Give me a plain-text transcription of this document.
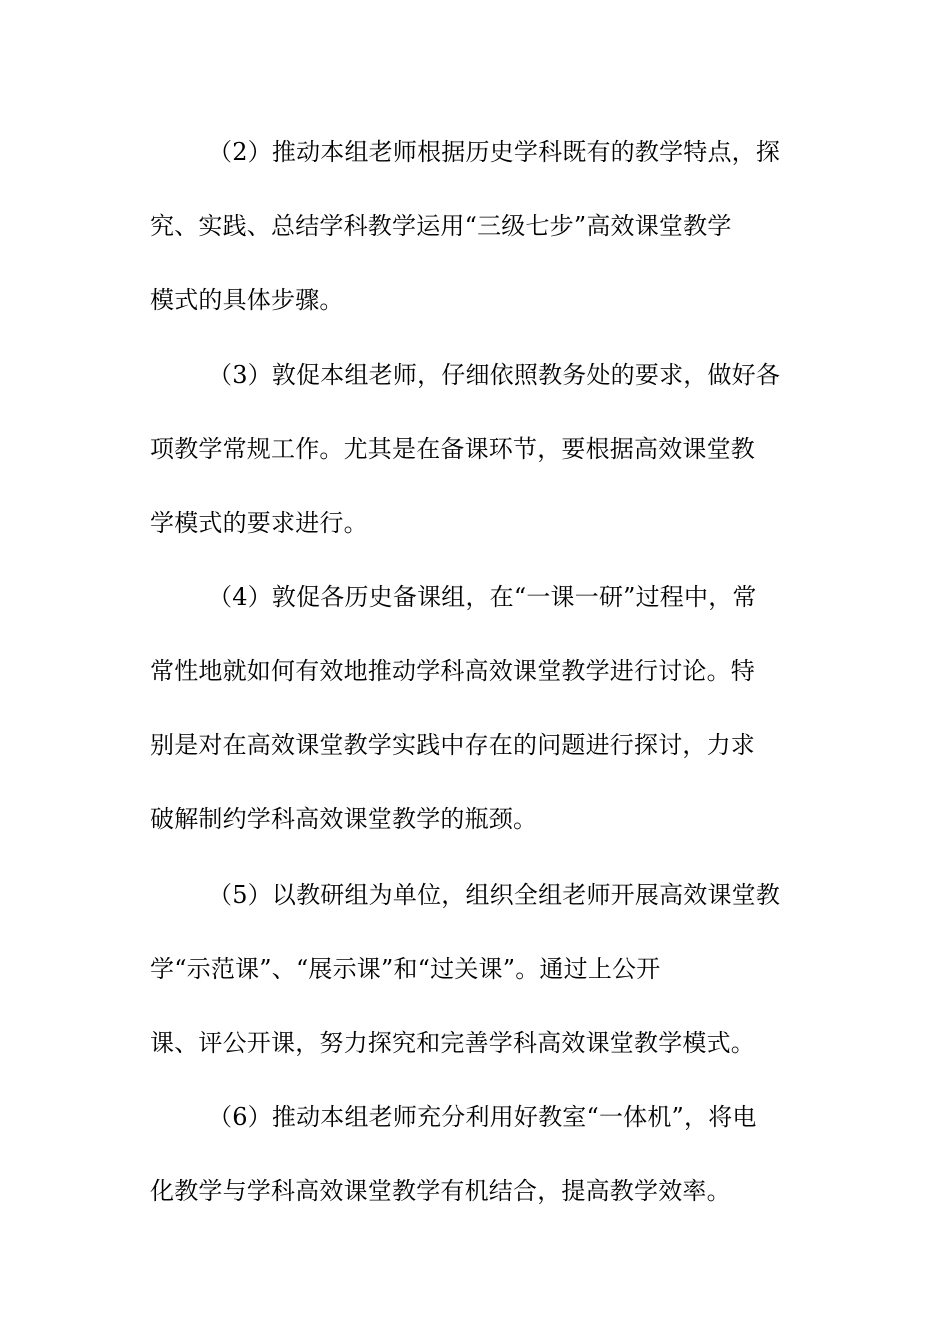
（2）推动本组老师根据历史学科既有的教学特点，探
究、实践、总结学科教学运用“三级七步”高效课堂教学
模式的具体步骤。

（3）敦促本组老师，仔细依照教务处的要求，做好各
项教学常规工作。尤其是在备课环节，要根据高效课堂教
学模式的要求进行。

（4）敦促各历史备课组，在“一课一研”过程中，常
常性地就如何有效地推动学科高效课堂教学进行讨论。特
别是对在高效课堂教学实践中存在的问题进行探讨，力求
破解制约学科高效课堂教学的瓶颈。

（5）以教研组为单位，组织全组老师开展高效课堂教
学“示范课”、“展示课”和“过关课”。通过上公开
课、评公开课，努力探究和完善学科高效课堂教学模式。

（6）推动本组老师充分利用好教室“一体机”，将电
化教学与学科高效课堂教学有机结合，提高教学效率。
